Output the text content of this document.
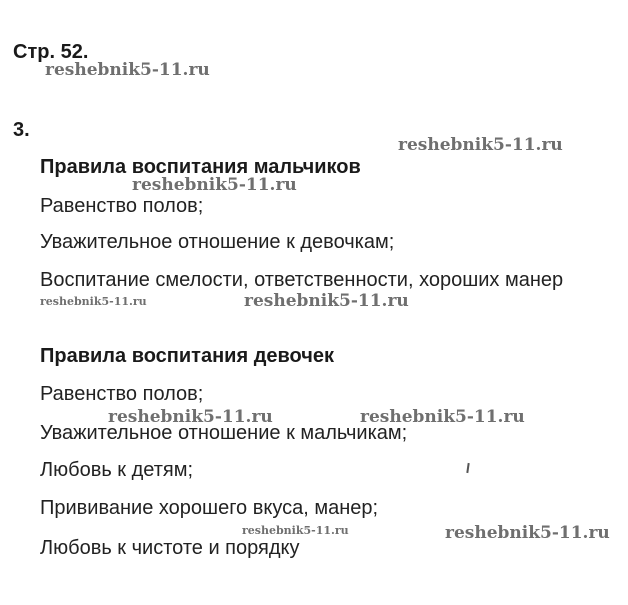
Стр. 52.
3.
Правила воспитания мальчиков
Равенство полов;
Уважительное отношение к девочкам;
Воспитание смелости, ответственности, хороших манер
Правила воспитания девочек
Равенство полов;
Уважительное отношение к мальчикам;
Любовь к детям;
Прививание хорошего вкуса, манер;
Любовь к чистоте и порядку
reshebnik5-11.ru
reshebnik5-11.ru
reshebnik5-11.ru
reshebnik5-11.ru	reshebnik5-11.ru
reshebnik5-11.ru	reshebnik5-11.ru
reshebnik5-11.ru	reshebnik5-11.ru
